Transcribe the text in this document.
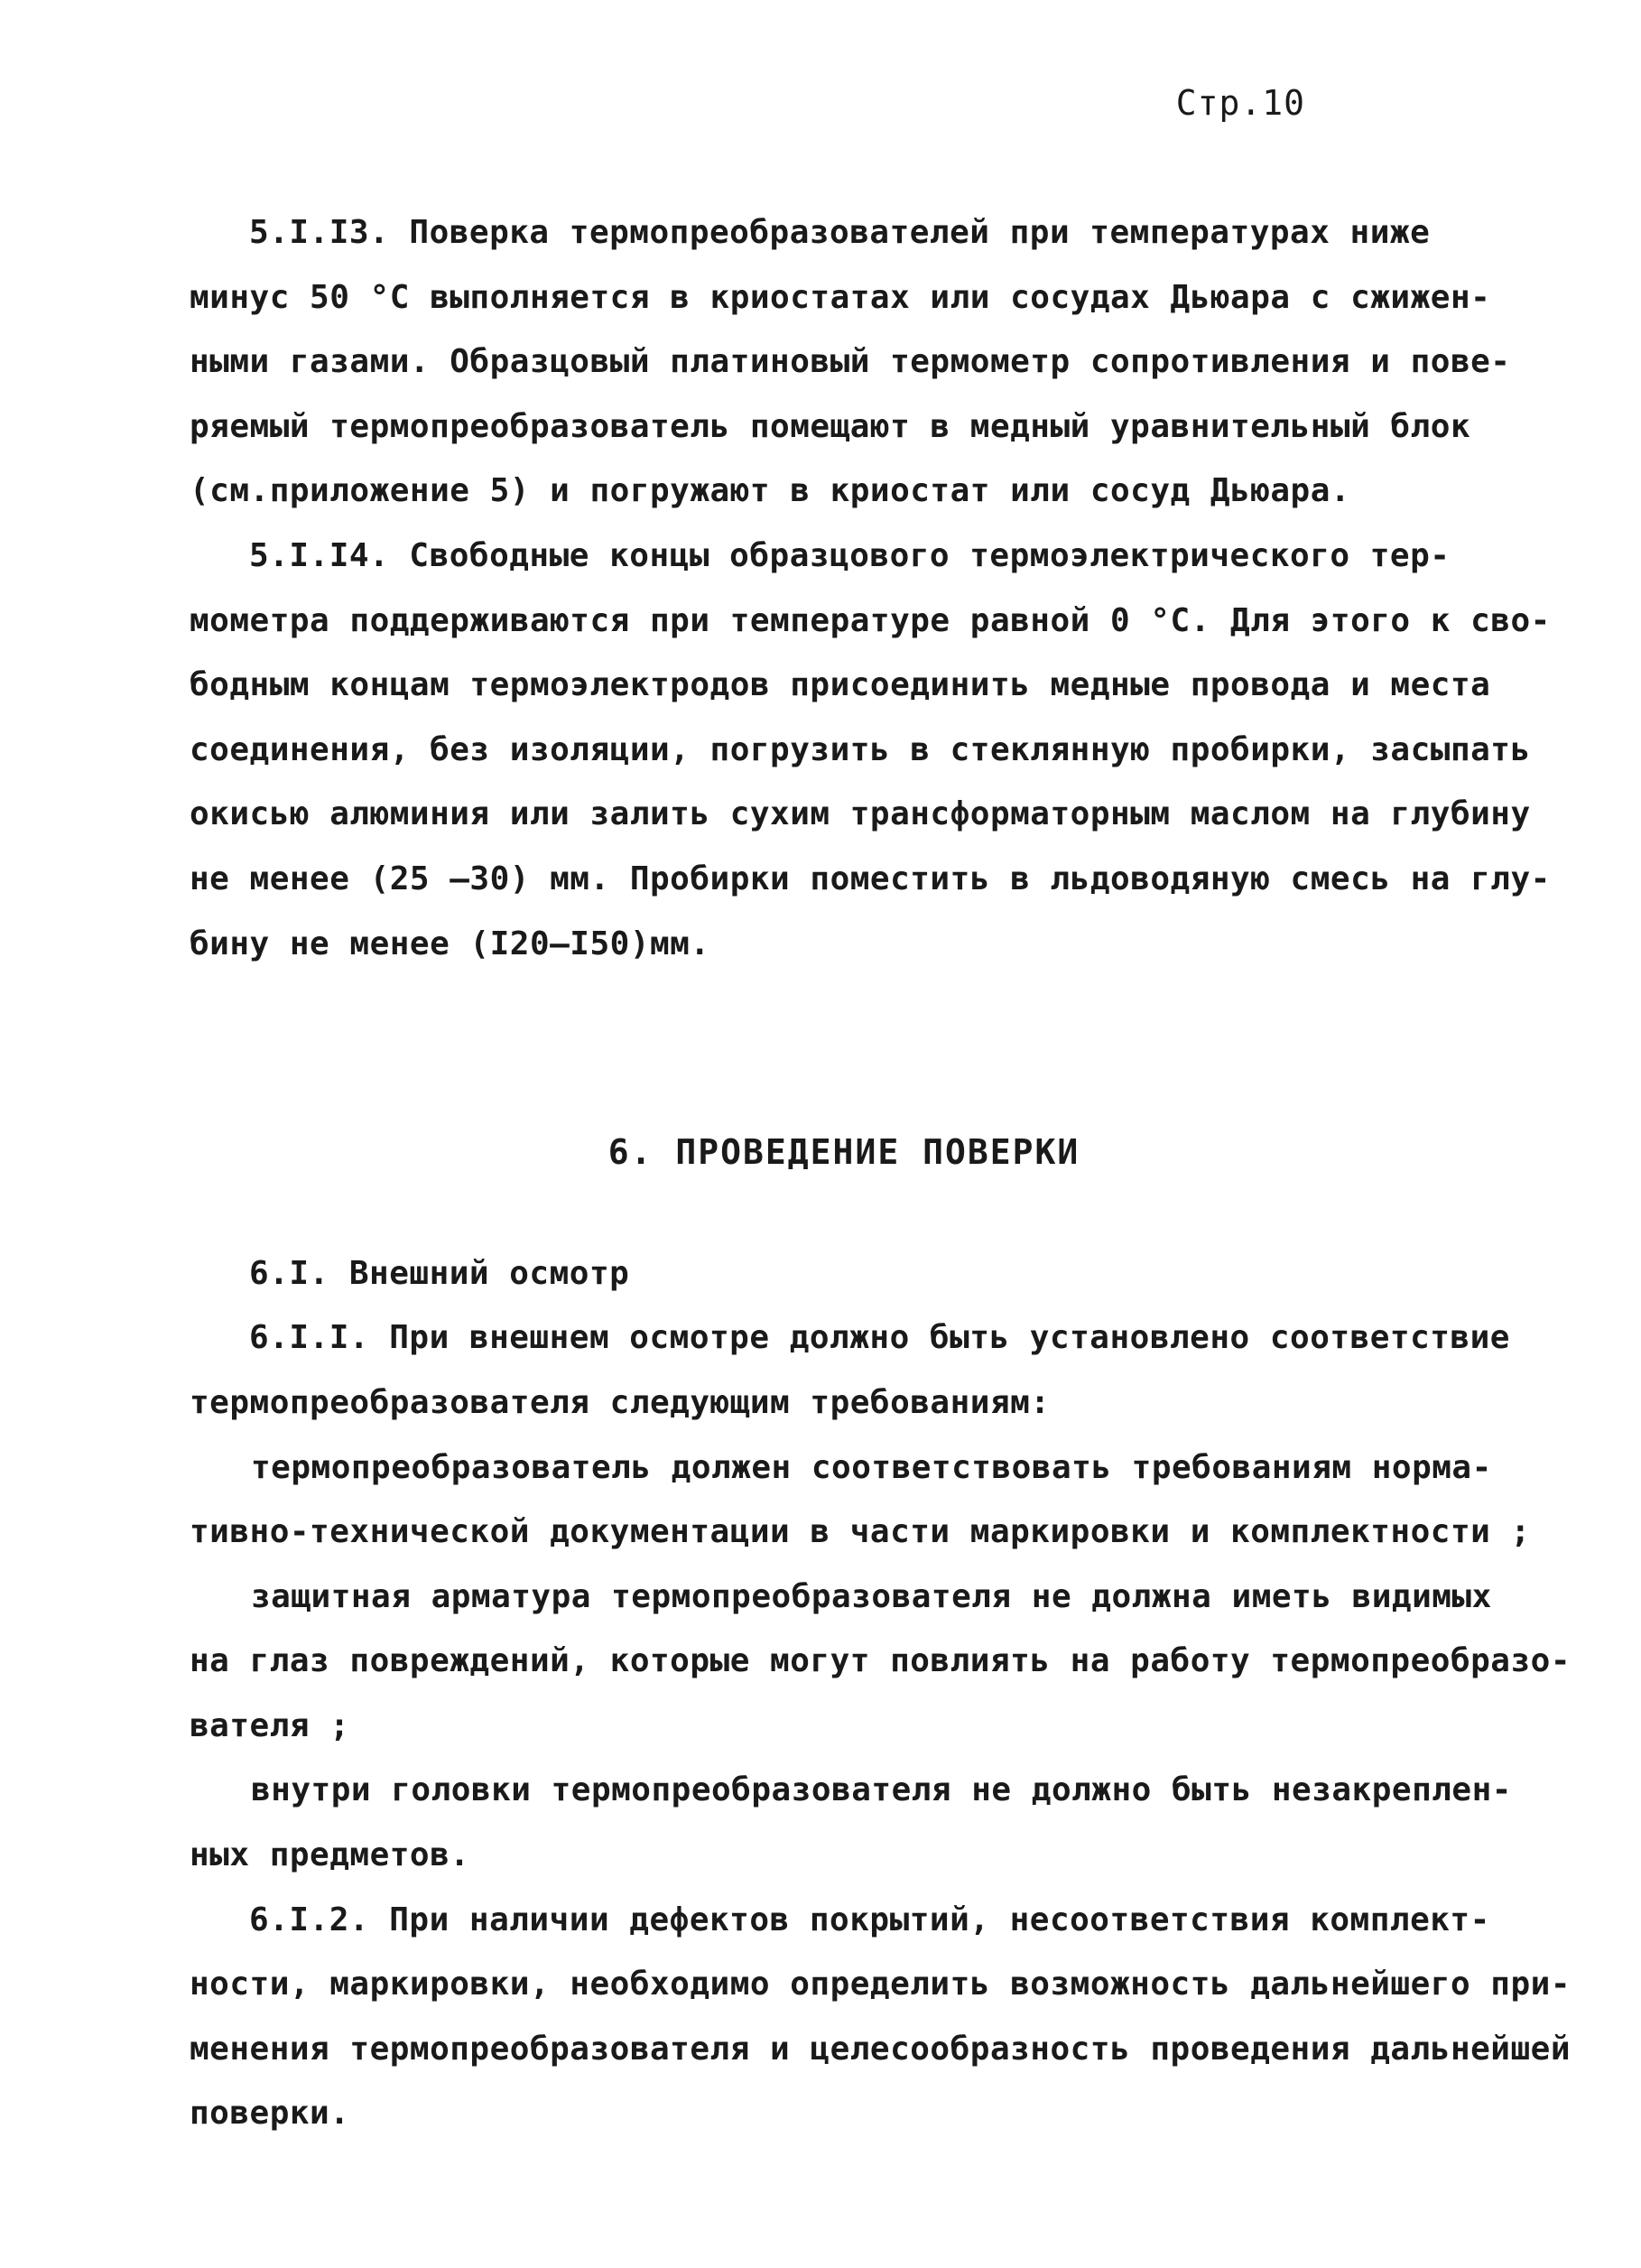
Стр.10
5.I.I3. Поверка термопреобразователей при температурах ниже
минус 50 °С выполняется в криостатах или сосудах Дьюара с сжижен-
ными газами. Образцовый платиновый термометр сопротивления и пове-
ряемый термопреобразователь помещают в медный уравнительный блок
(см.приложение 5) и погружают в криостат или сосуд Дьюара.
5.I.I4. Свободные концы образцового термоэлектрического тер-
мометра поддерживаются при температуре равной 0 °С. Для этого к сво-
бодным концам термоэлектродов присоединить медные провода и места
соединения, без изоляции, погрузить в стеклянную пробирки, засыпать
окисью алюминия или залить сухим трансформаторным маслом на глубину
не менее (25 –30) мм. Пробирки поместить в льдоводяную смесь на глу-
бину не менее (I20–I50)мм.
6. ПРОВЕДЕНИЕ ПОВЕРКИ
6.I. Внешний осмотр
6.I.I. При внешнем осмотре должно быть установлено соответствие
термопреобразователя следующим требованиям:
термопреобразователь должен соответствовать требованиям норма-
тивно-технической документации в части маркировки и комплектности ;
защитная арматура термопреобразователя не должна иметь видимых
на глаз повреждений, которые могут повлиять на работу термопреобразо-
вателя ;
внутри головки термопреобразователя не должно быть незакреплен-
ных предметов.
6.I.2. При наличии дефектов покрытий, несоответствия комплект-
ности, маркировки, необходимо определить возможность дальнейшего при-
менения термопреобразователя и целесообразность проведения дальнейшей
поверки.
